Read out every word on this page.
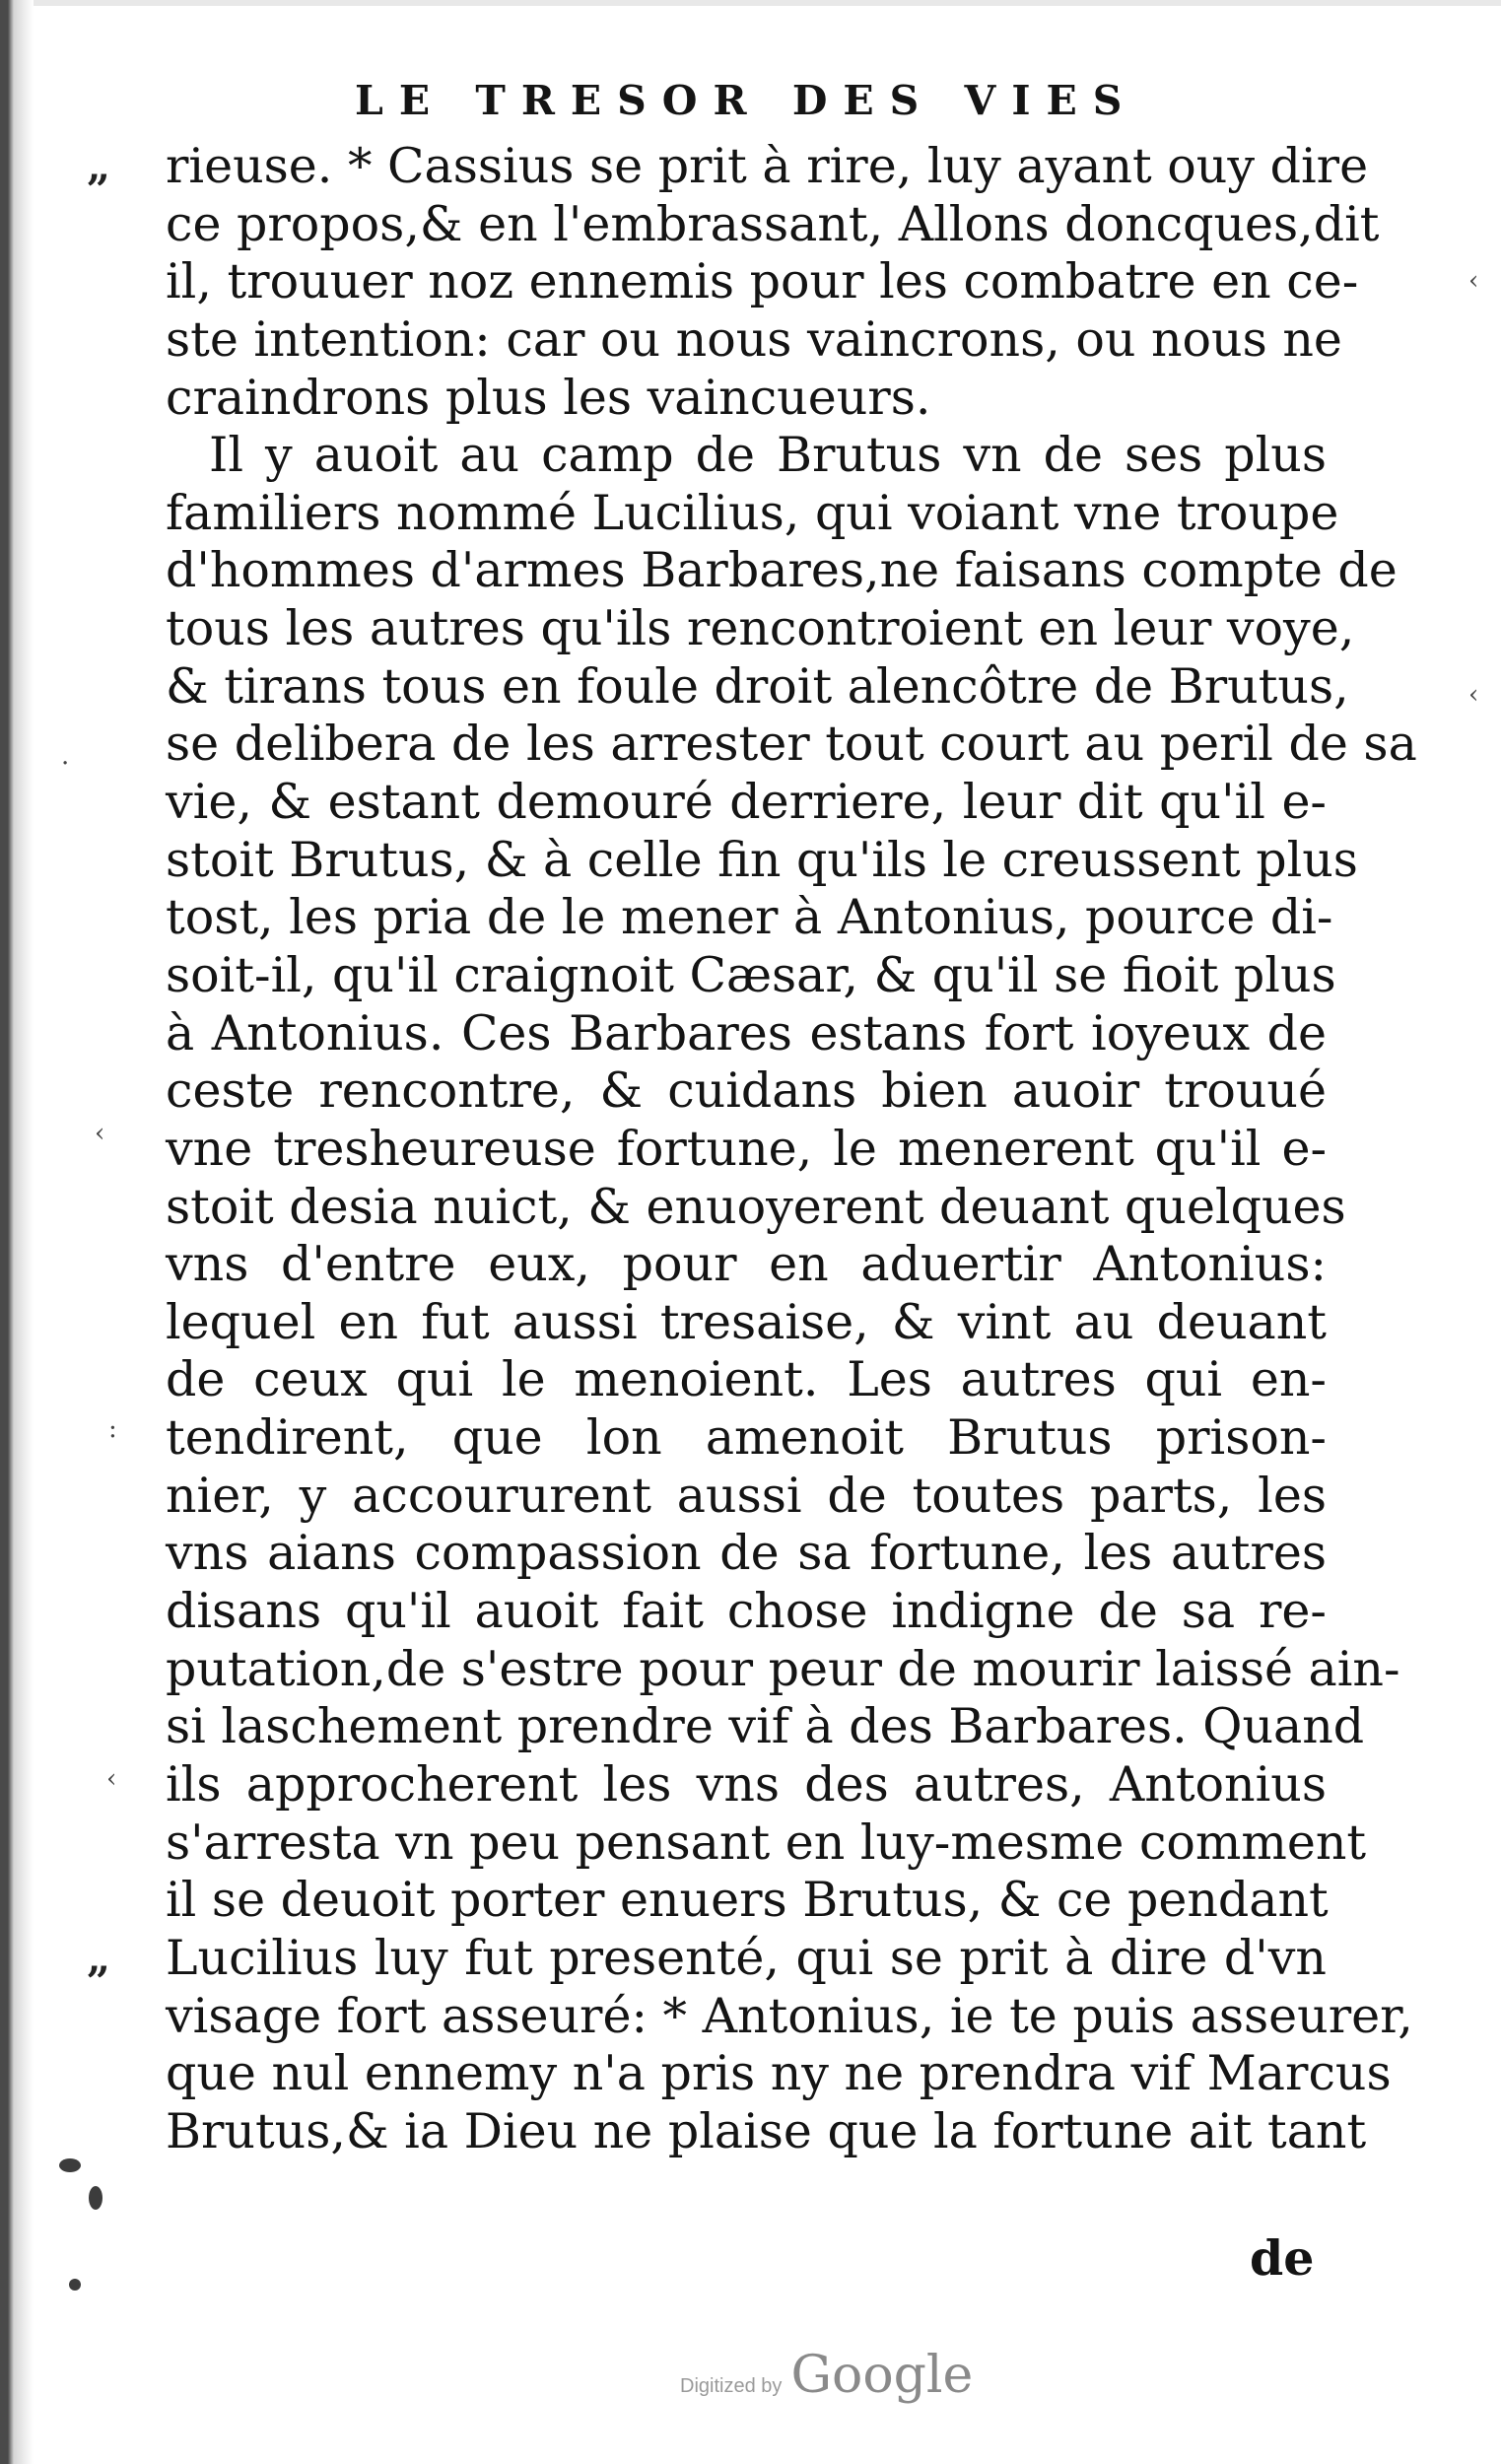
‹
‹
·
‹
:
‹
LE TRESOR DES VIES
„ rieuse. * Cassius se prit à rire, luy ayant ouy dire
ce propos,& en l'embrassant, Allons doncques,dit
il, trouuer noz ennemis pour les combatre en ce-
ste intention: car ou nous vaincrons, ou nous ne
craindrons plus les vaincueurs.
Il y auoit au camp de Brutus vn de ses plus
familiers nommé Lucilius, qui voiant vne troupe
d'hommes d'armes Barbares,ne faisans compte de
tous les autres qu'ils rencontroient en leur voye,
& tirans tous en foule droit alencôtre de Brutus,
se delibera de les arrester tout court au peril de sa
vie, & estant demouré derriere, leur dit qu'il e-
stoit Brutus, & à celle fin qu'ils le creussent plus
tost, les pria de le mener à Antonius, pource di-
soit-il, qu'il craignoit Cæsar, & qu'il se fioit plus
à Antonius. Ces Barbares estans fort ioyeux de
ceste rencontre, & cuidans bien auoir trouué
vne tresheureuse fortune, le menerent qu'il e-
stoit desia nuict, & enuoyerent deuant quelques
vns d'entre eux, pour en aduertir Antonius:
lequel en fut aussi tresaise, & vint au deuant
de ceux qui le menoient. Les autres qui en-
tendirent, que lon amenoit Brutus prison-
nier, y accoururent aussi de toutes parts, les
vns aians compassion de sa fortune, les autres
disans qu'il auoit fait chose indigne de sa re-
putation,de s'estre pour peur de mourir laissé ain-
si laschement prendre vif à des Barbares. Quand
ils approcherent les vns des autres, Antonius
s'arresta vn peu pensant en luy-mesme comment
il se deuoit porter enuers Brutus, & ce pendant
„ Lucilius luy fut presenté, qui se prit à dire d'vn
visage fort asseuré: * Antonius, ie te puis asseurer,
que nul ennemy n'a pris ny ne prendra vif Marcus
Brutus,& ia Dieu ne plaise que la fortune ait tant
de
Digitized by Google
